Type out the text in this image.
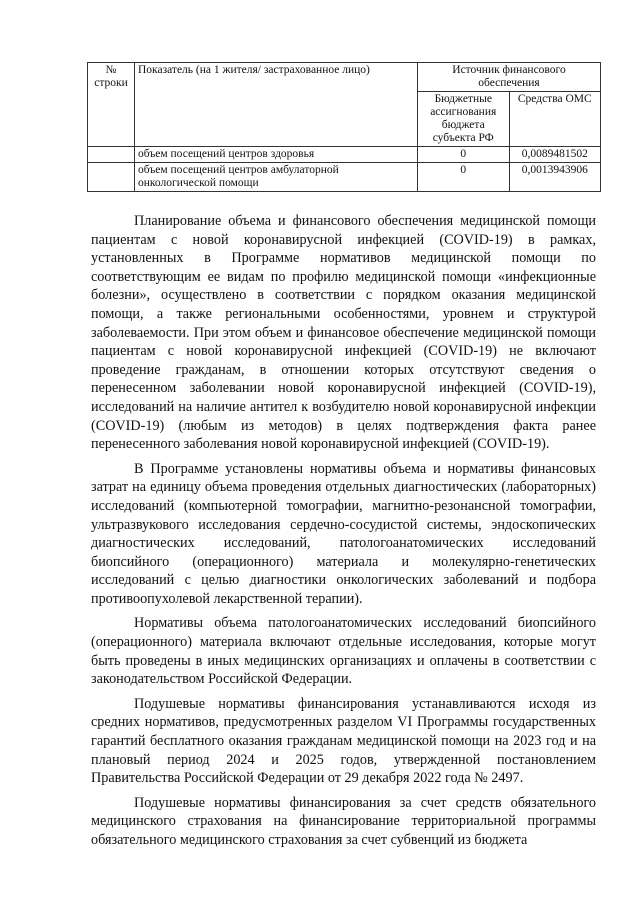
№ строки	Показатель (на 1 жителя/ застрахованное лицо)	Источник финансового обеспечения	
		Бюджетные ассигнования бюджета субъекта РФ	Средства ОМС
	объем посещений центров здоровья	0	0,0089481502
	объем посещений центров амбулаторной онкологической помощи	0	0,0013943906

Планирование объема и финансового обеспечения медицинской помощи пациентам с новой коронавирусной инфекцией (COVID-19) в рамках, установленных в Программе нормативов медицинской помощи по соответствующим ее видам по профилю медицинской помощи «инфекционные болезни», осуществлено в соответствии с порядком оказания медицинской помощи, а также региональными особенностями, уровнем и структурой заболеваемости. При этом объем и финансовое обеспечение медицинской помощи пациентам с новой коронавирусной инфекцией (COVID-19) не включают проведение гражданам, в отношении которых отсутствуют сведения о перенесенном заболевании новой коронавирусной инфекцией (COVID-19), исследований на наличие антител к возбудителю новой коронавирусной инфекции (COVID-19) (любым из методов) в целях подтверждения факта ранее перенесенного заболевания новой коронавирусной инфекцией (COVID-19).

В Программе установлены нормативы объема и нормативы финансовых затрат на единицу объема проведения отдельных диагностических (лабораторных) исследований (компьютерной томографии, магнитно-резонансной томографии, ультразвукового исследования сердечно-сосудистой системы, эндоскопических диагностических исследований, патологоанатомических исследований биопсийного (операционного) материала и молекулярно-генетических исследований с целью диагностики онкологических заболеваний и подбора противоопухолевой лекарственной терапии).

Нормативы объема патологоанатомических исследований биопсийного (операционного) материала включают отдельные исследования, которые могут быть проведены в иных медицинских организациях и оплачены в соответствии с законодательством Российской Федерации.

Подушевые нормативы финансирования устанавливаются исходя из средних нормативов, предусмотренных разделом VI Программы государственных гарантий бесплатного оказания гражданам медицинской помощи на 2023 год и на плановый период 2024 и 2025 годов, утвержденной постановлением Правительства Российской Федерации от 29 декабря 2022 года № 2497.

Подушевые нормативы финансирования за счет средств обязательного медицинского страхования на финансирование территориальной программы обязательного медицинского страхования за счет субвенций из бюджета
